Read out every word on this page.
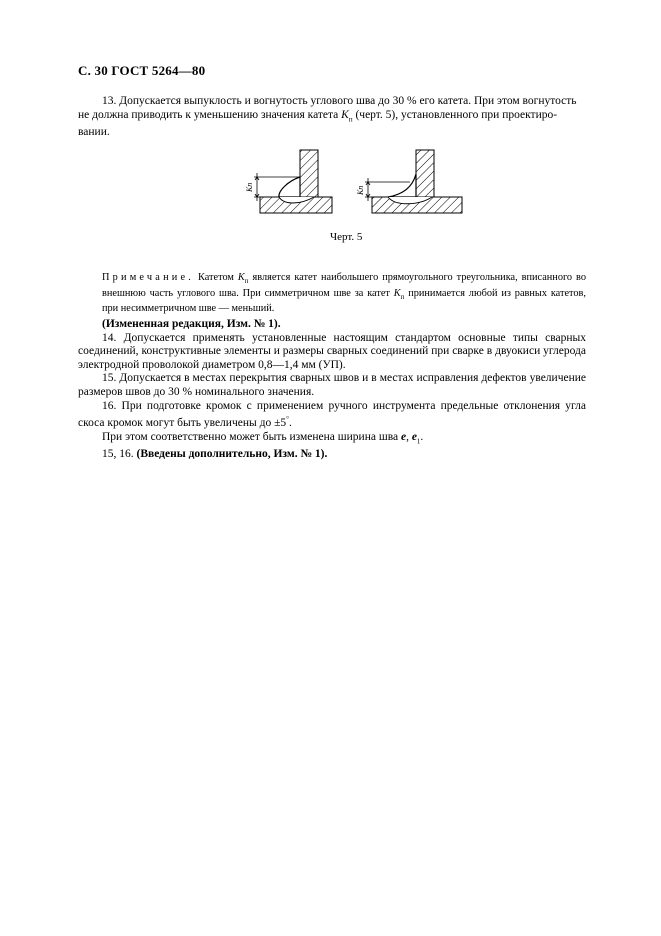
С. 30 ГОСТ 5264—80
13. Допускается выпуклость и вогнутость углового шва до 30 % его катета. При этом вогнутость
не должна приводить к уменьшению значения катета $K_п$ (черт. 5), установленного при проектиро-
вании.
Кп	Кп
Черт. 5
Примечание. Катетом $K_п$ является катет наибольшего прямоугольного треугольника, вписанного во внешнюю часть углового шва. При симметричном шве за катет $K_п$ принимается любой из равных катетов, при несимметричном шве — меньший.

(Измененная редакция, Изм. № 1).

14. Допускается применять установленные настоящим стандартом основные типы сварных соединений, конструктивные элементы и размеры сварных соединений при сварке в двуокиси углерода электродной проволокой диаметром 0,8—1,4 мм (УП).

15. Допускается в местах перекрытия сварных швов и в местах исправления дефектов увеличение размеров швов до 30 % номинального значения.

16. При подготовке кромок с применением ручного инструмента предельные отклонения угла скоса кромок могут быть увеличены до ±5°.

При этом соответственно может быть изменена ширина шва e, $e_1$.

15, 16. (Введены дополнительно, Изм. № 1).
